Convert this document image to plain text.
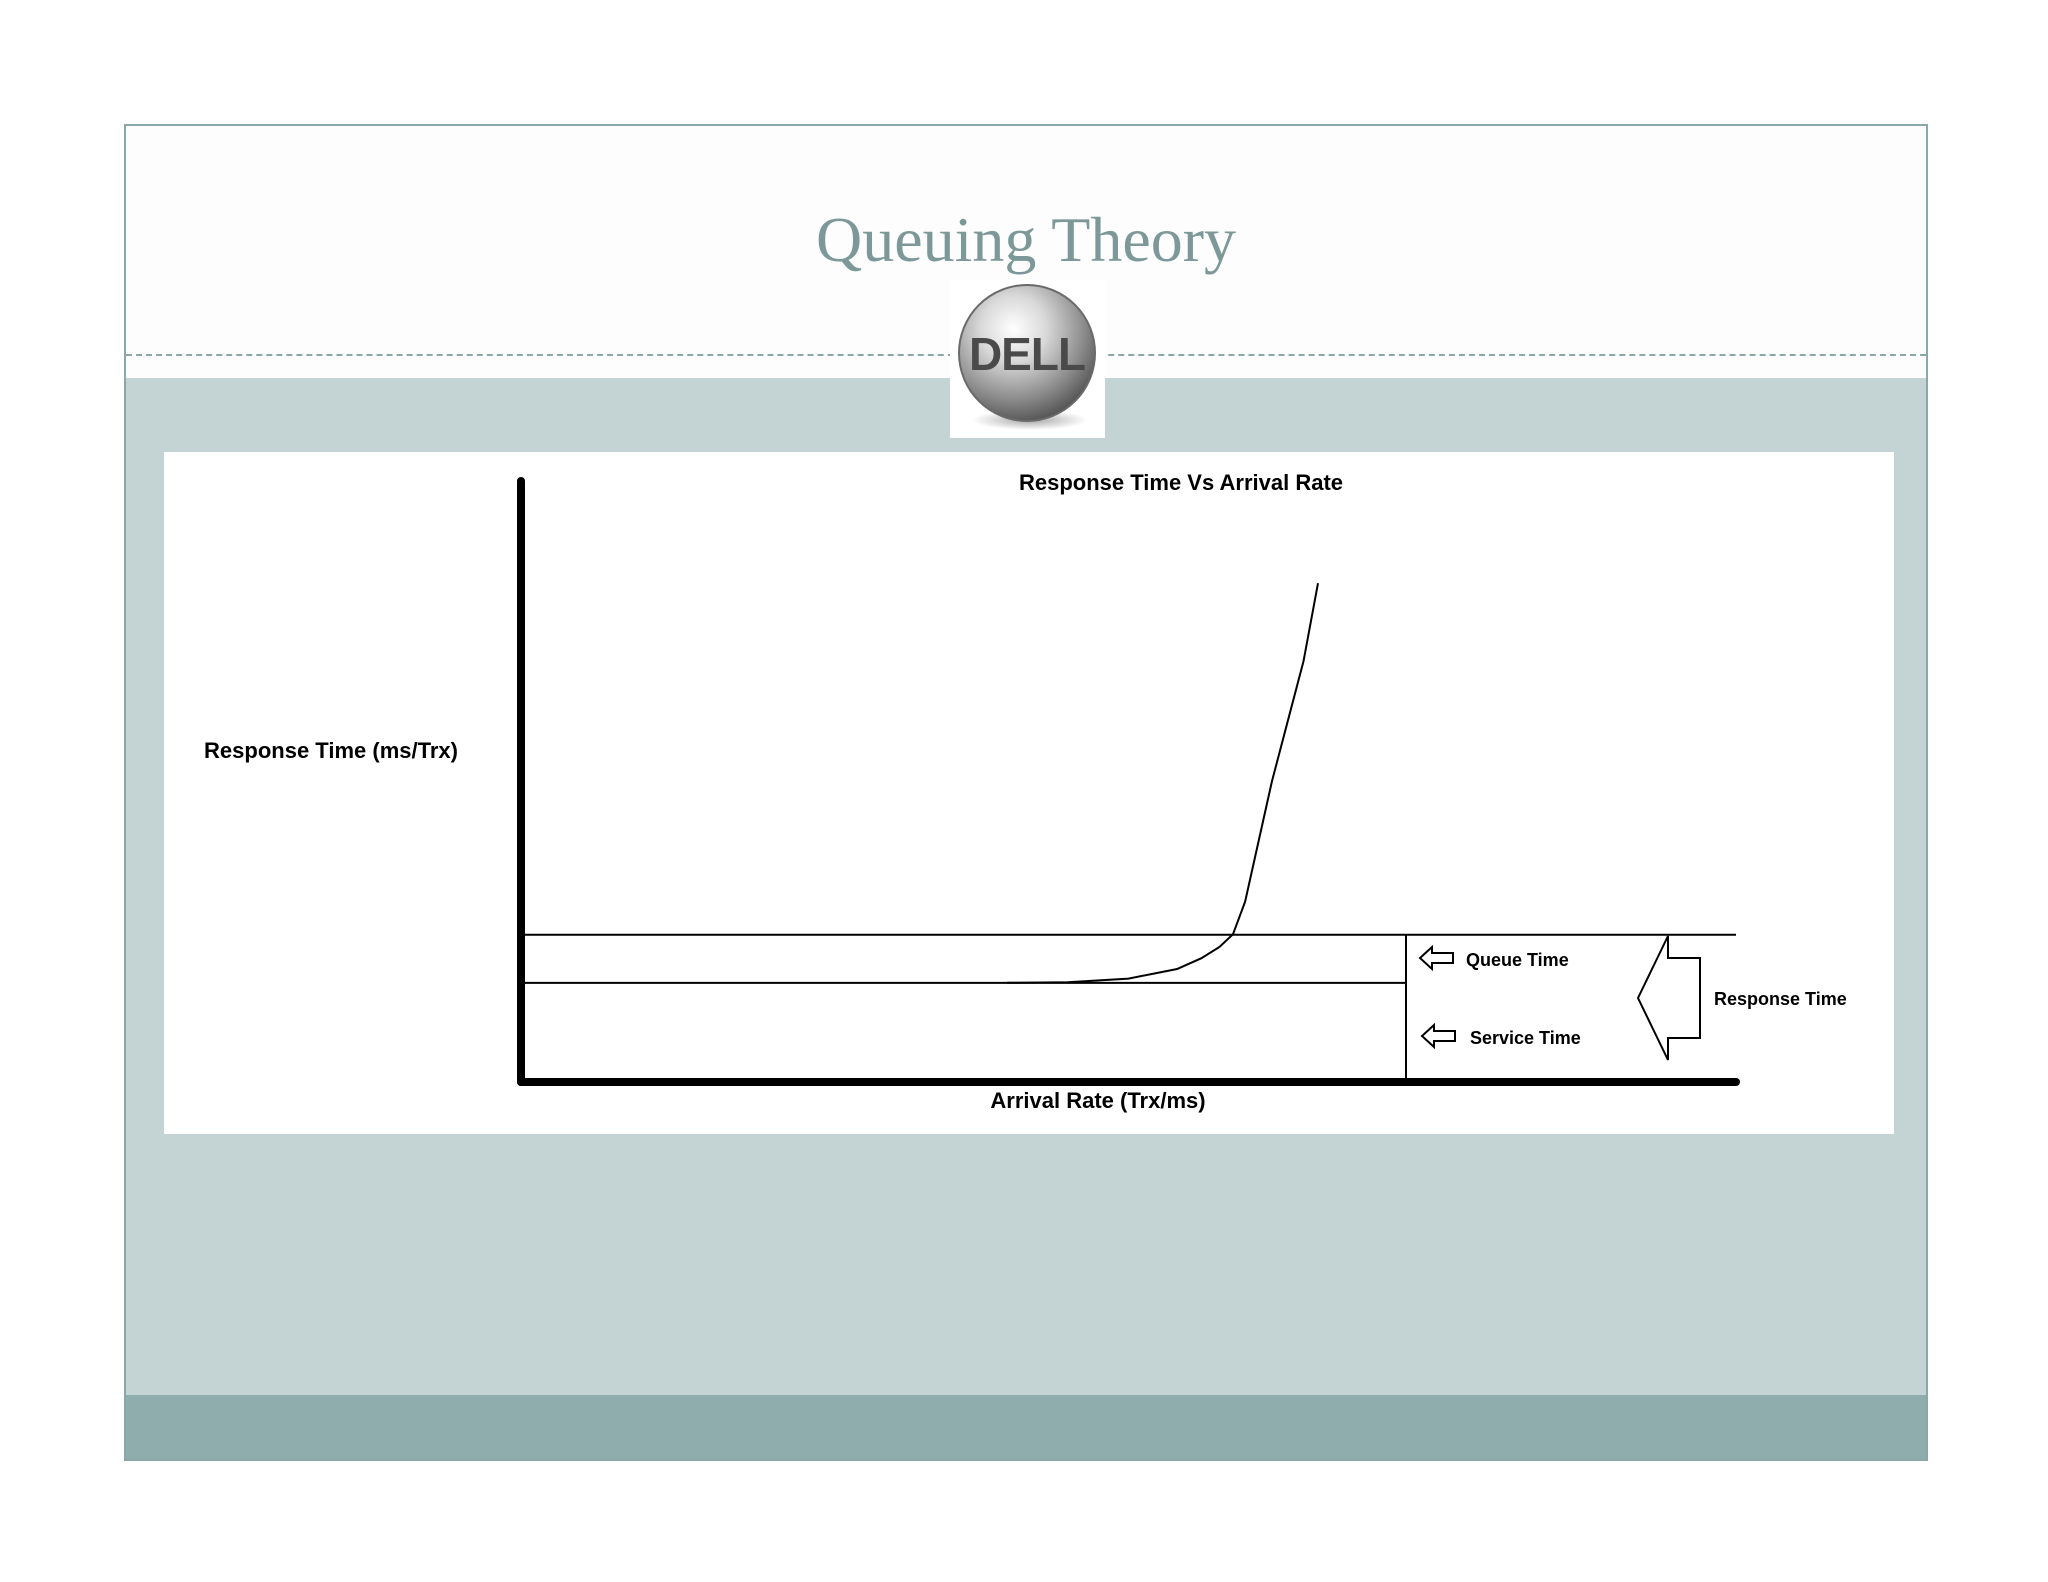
Queuing Theory
DELL
Response Time Vs Arrival Rate
Response Time (ms/Trx)
Arrival Rate (Trx/ms)
Queue Time
Service Time
Response Time
